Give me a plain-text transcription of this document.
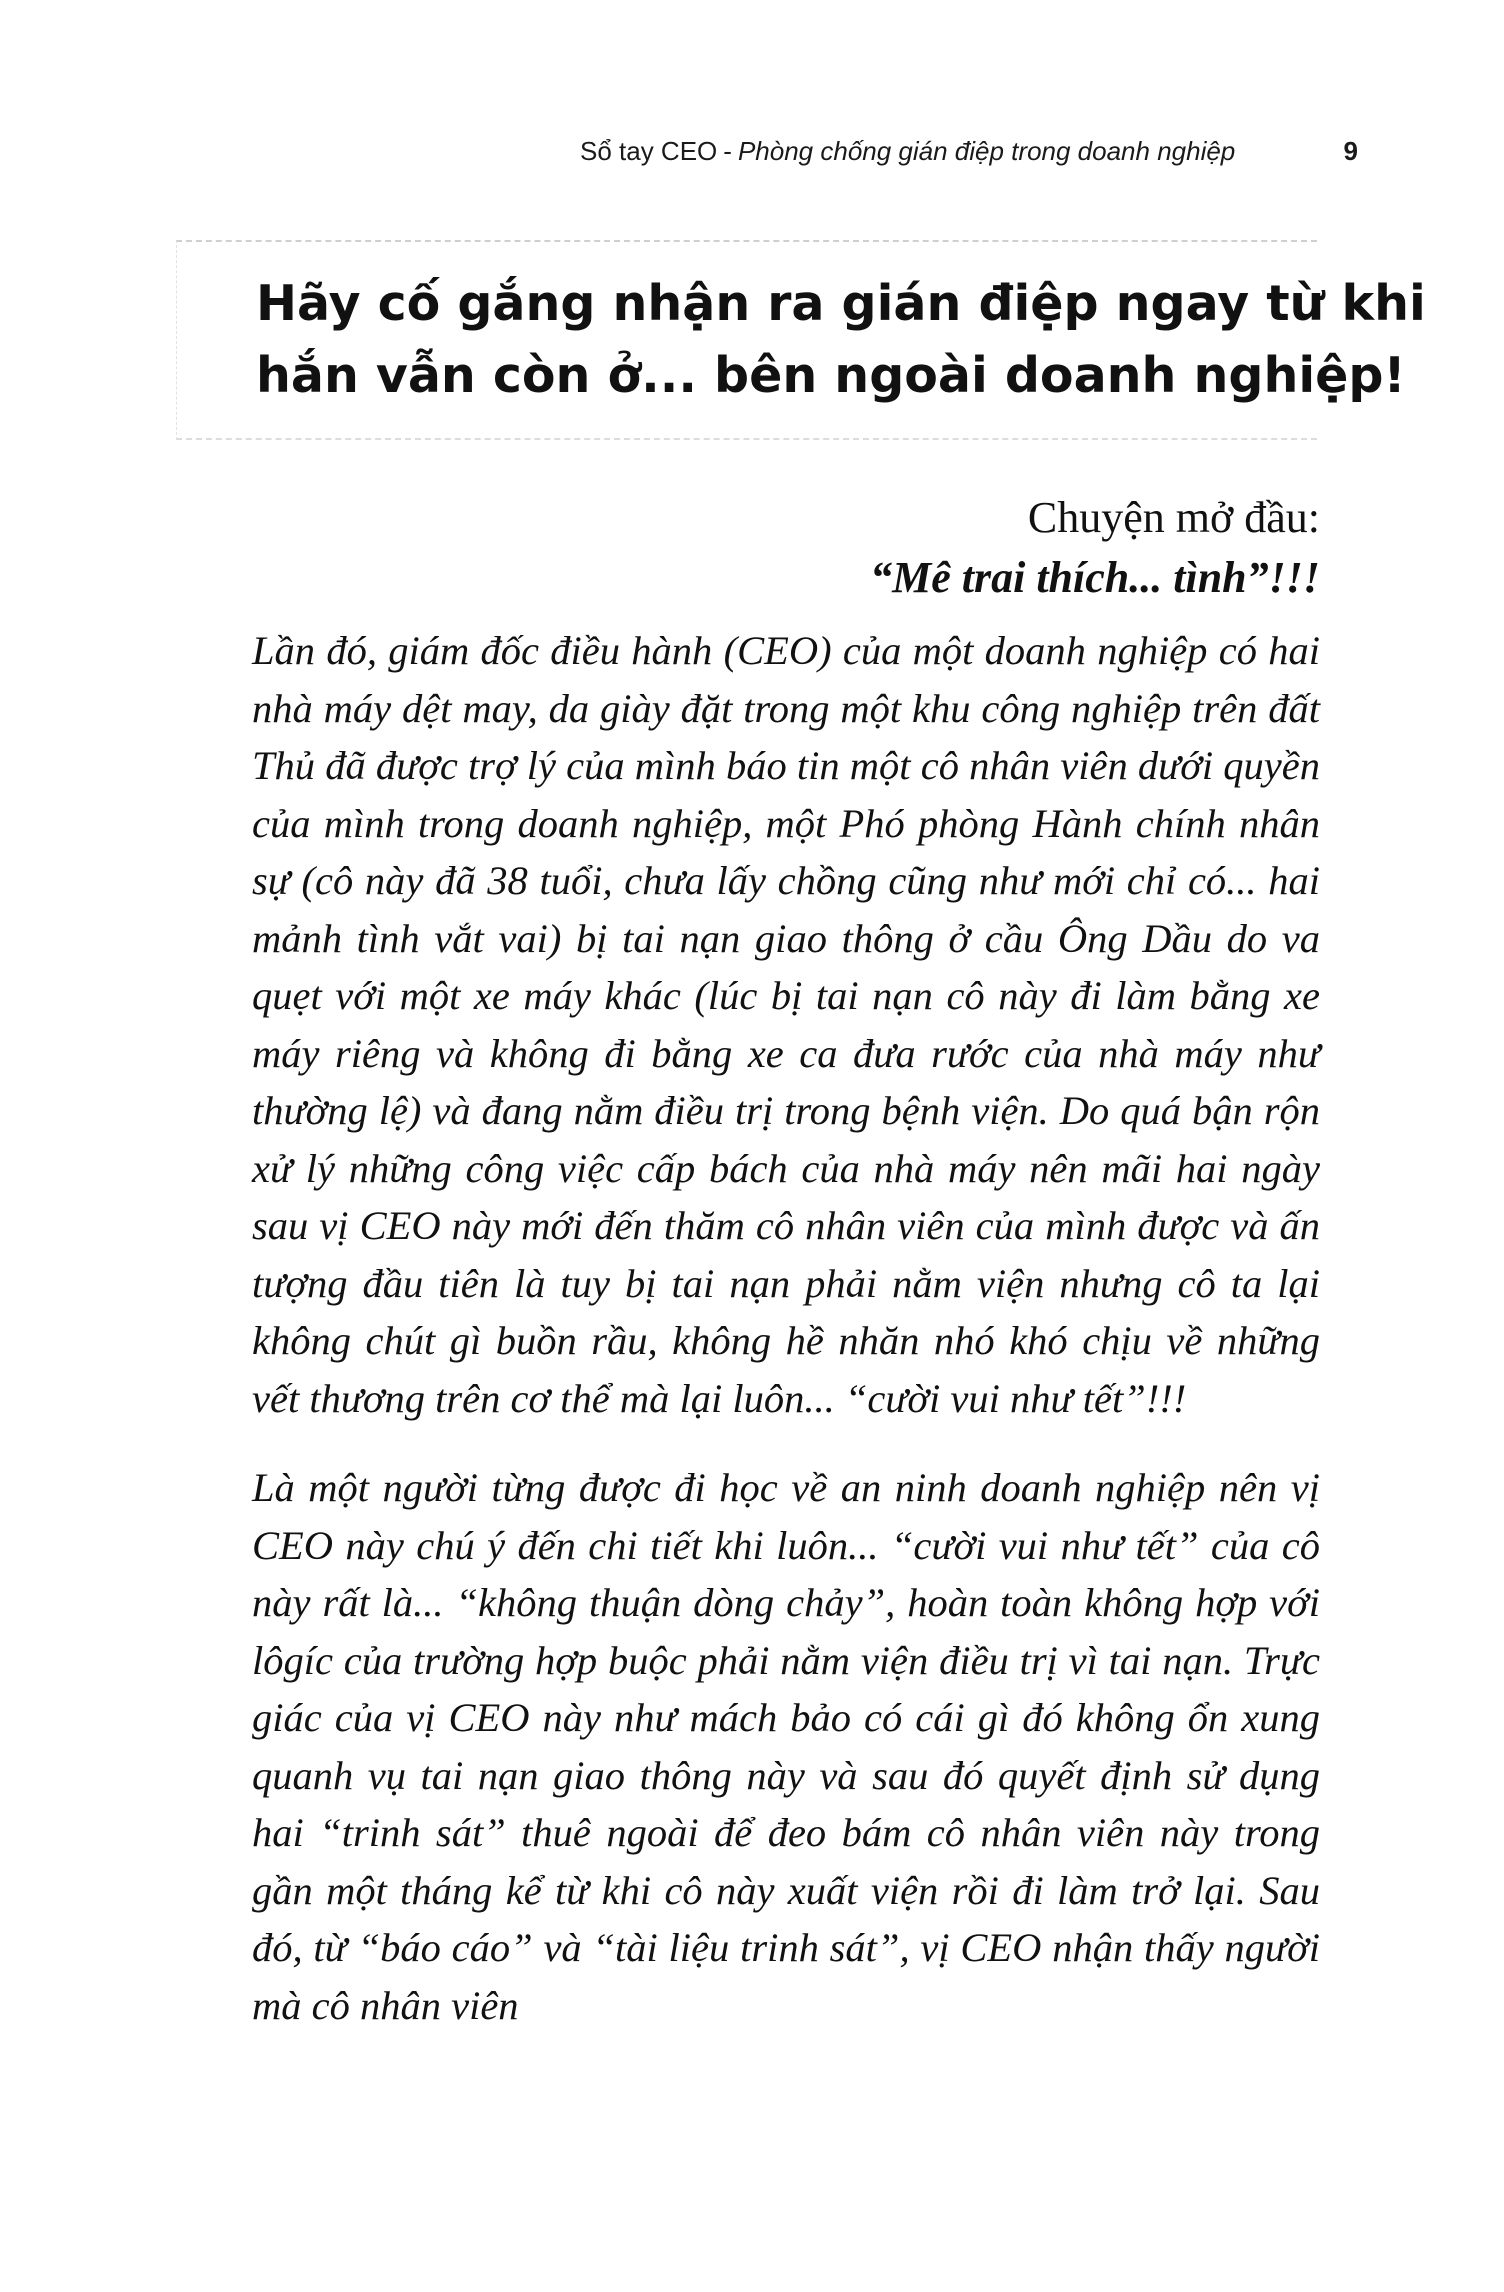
Sổ tay CEO - Phòng chống gián điệp trong doanh nghiệp	9
Hãy cố gắng nhận ra gián điệp ngay từ khi
hắn vẫn còn ở... bên ngoài doanh nghiệp!
Chuyện mở đầu:
“Mê trai thích... tình”!!!

Lần đó, giám đốc điều hành (CEO) của một doanh nghiệp có hai nhà máy dệt may, da giày đặt trong một khu công nghiệp trên đất Thủ đã được trợ lý của mình báo tin một cô nhân viên dưới quyền của mình trong doanh nghiệp, một Phó phòng Hành chính nhân sự (cô này đã 38 tuổi, chưa lấy chồng cũng như mới chỉ có... hai mảnh tình vắt vai) bị tai nạn giao thông ở cầu Ông Dầu do va quẹt với một xe máy khác (lúc bị tai nạn cô này đi làm bằng xe máy riêng và không đi bằng xe ca đưa rước của nhà máy như thường lệ) và đang nằm điều trị trong bệnh viện. Do quá bận rộn xử lý những công việc cấp bách của nhà máy nên mãi hai ngày sau vị CEO này mới đến thăm cô nhân viên của mình được và ấn tượng đầu tiên là tuy bị tai nạn phải nằm viện nhưng cô ta lại không chút gì buồn rầu, không hề nhăn nhó khó chịu về những vết thương trên cơ thể mà lại luôn... “cười vui như tết”!!!

Là một người từng được đi học về an ninh doanh nghiệp nên vị CEO này chú ý đến chi tiết khi luôn... “cười vui như tết” của cô này rất là... “không thuận dòng chảy”, hoàn toàn không hợp với lôgíc của trường hợp buộc phải nằm viện điều trị vì tai nạn. Trực giác của vị CEO này như mách bảo có cái gì đó không ổn xung quanh vụ tai nạn giao thông này và sau đó quyết định sử dụng hai “trinh sát” thuê ngoài để đeo bám cô nhân viên này trong gần một tháng kể từ khi cô này xuất viện rồi đi làm trở lại. Sau đó, từ “báo cáo” và “tài liệu trinh sát”, vị CEO nhận thấy người mà cô nhân viên
